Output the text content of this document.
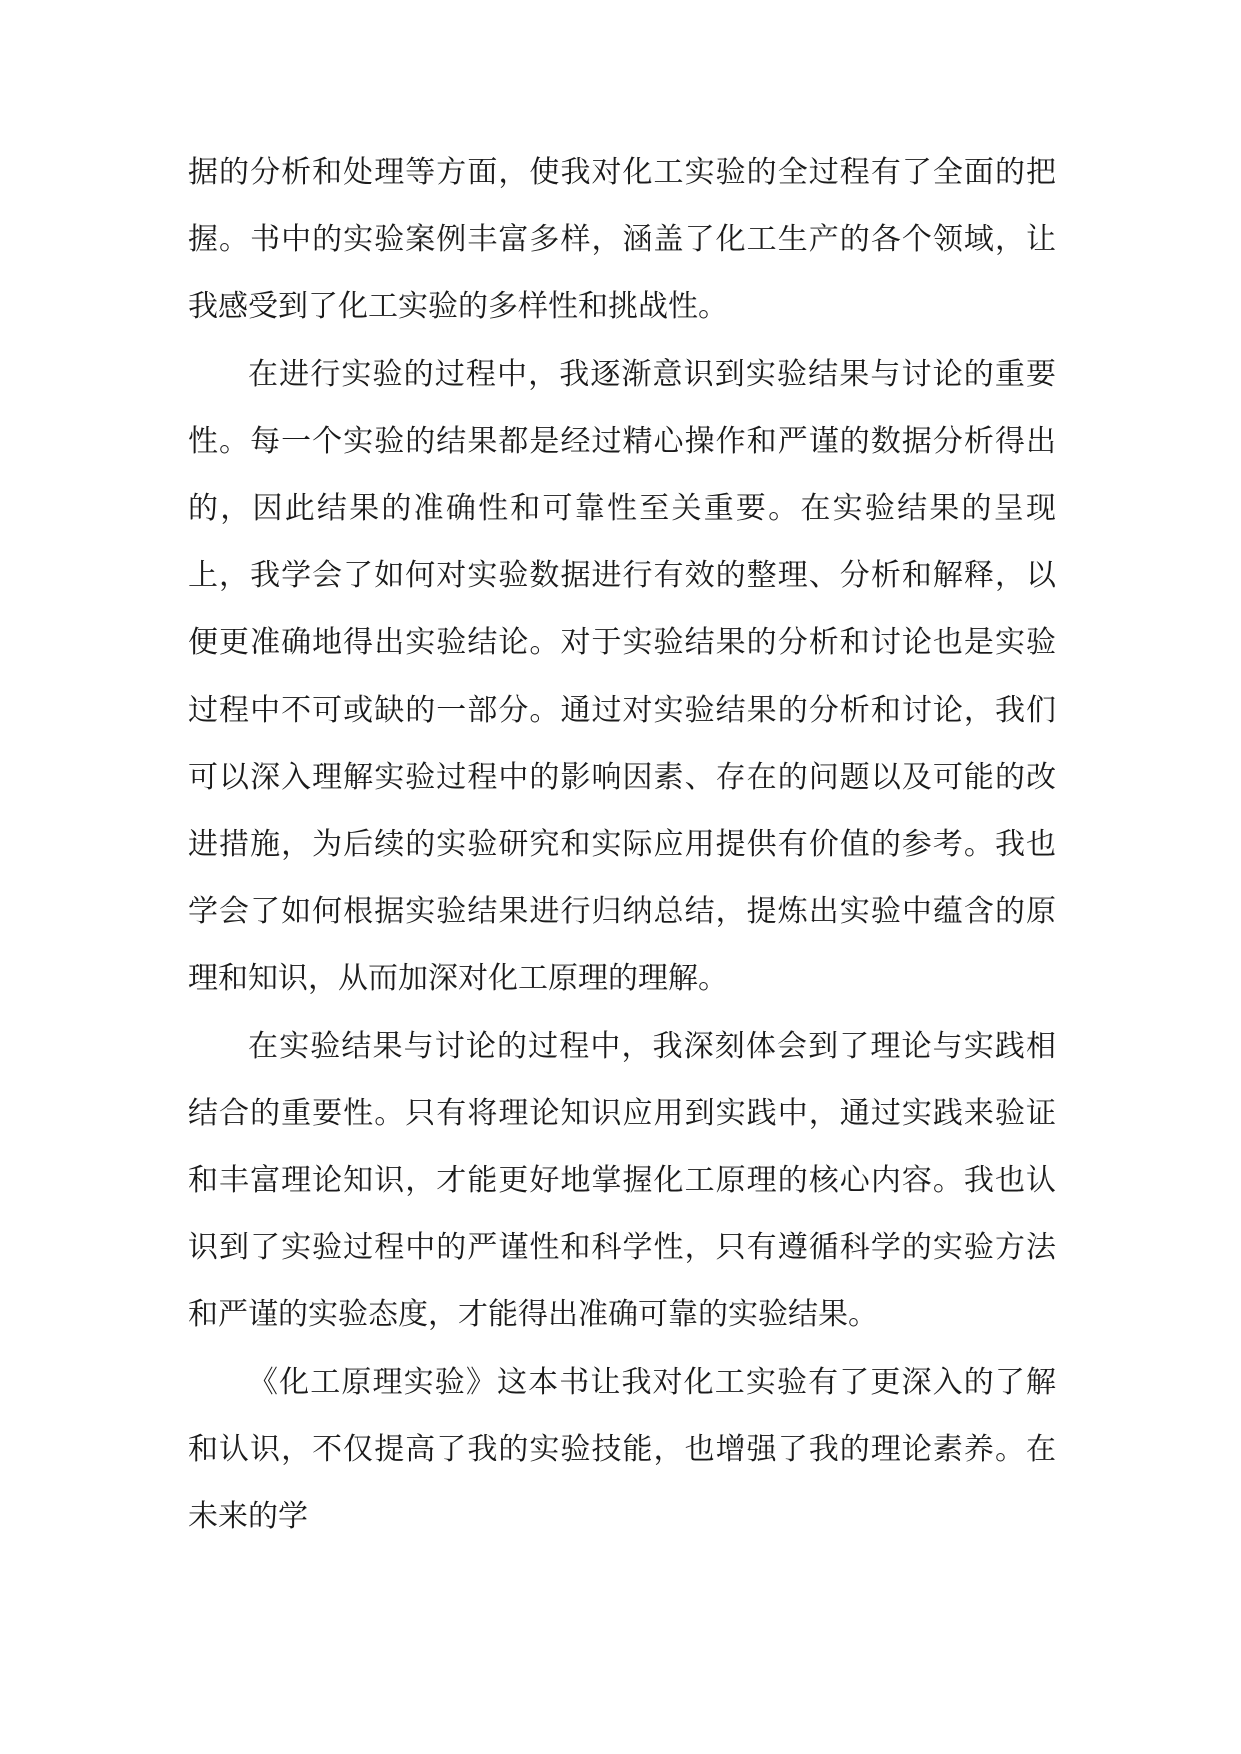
据的分析和处理等方面，使我对化工实验的全过程有了全面的把握。书中的实验案例丰富多样，涵盖了化工生产的各个领域，让我感受到了化工实验的多样性和挑战性。

在进行实验的过程中，我逐渐意识到实验结果与讨论的重要性。每一个实验的结果都是经过精心操作和严谨的数据分析得出的，因此结果的准确性和可靠性至关重要。在实验结果的呈现上，我学会了如何对实验数据进行有效的整理、分析和解释，以便更准确地得出实验结论。对于实验结果的分析和讨论也是实验过程中不可或缺的一部分。通过对实验结果的分析和讨论，我们可以深入理解实验过程中的影响因素、存在的问题以及可能的改进措施，为后续的实验研究和实际应用提供有价值的参考。我也学会了如何根据实验结果进行归纳总结，提炼出实验中蕴含的原理和知识，从而加深对化工原理的理解。

在实验结果与讨论的过程中，我深刻体会到了理论与实践相结合的重要性。只有将理论知识应用到实践中，通过实践来验证和丰富理论知识，才能更好地掌握化工原理的核心内容。我也认识到了实验过程中的严谨性和科学性，只有遵循科学的实验方法和严谨的实验态度，才能得出准确可靠的实验结果。

《化工原理实验》这本书让我对化工实验有了更深入的了解和认识，不仅提高了我的实验技能，也增强了我的理论素养。在未来的学
